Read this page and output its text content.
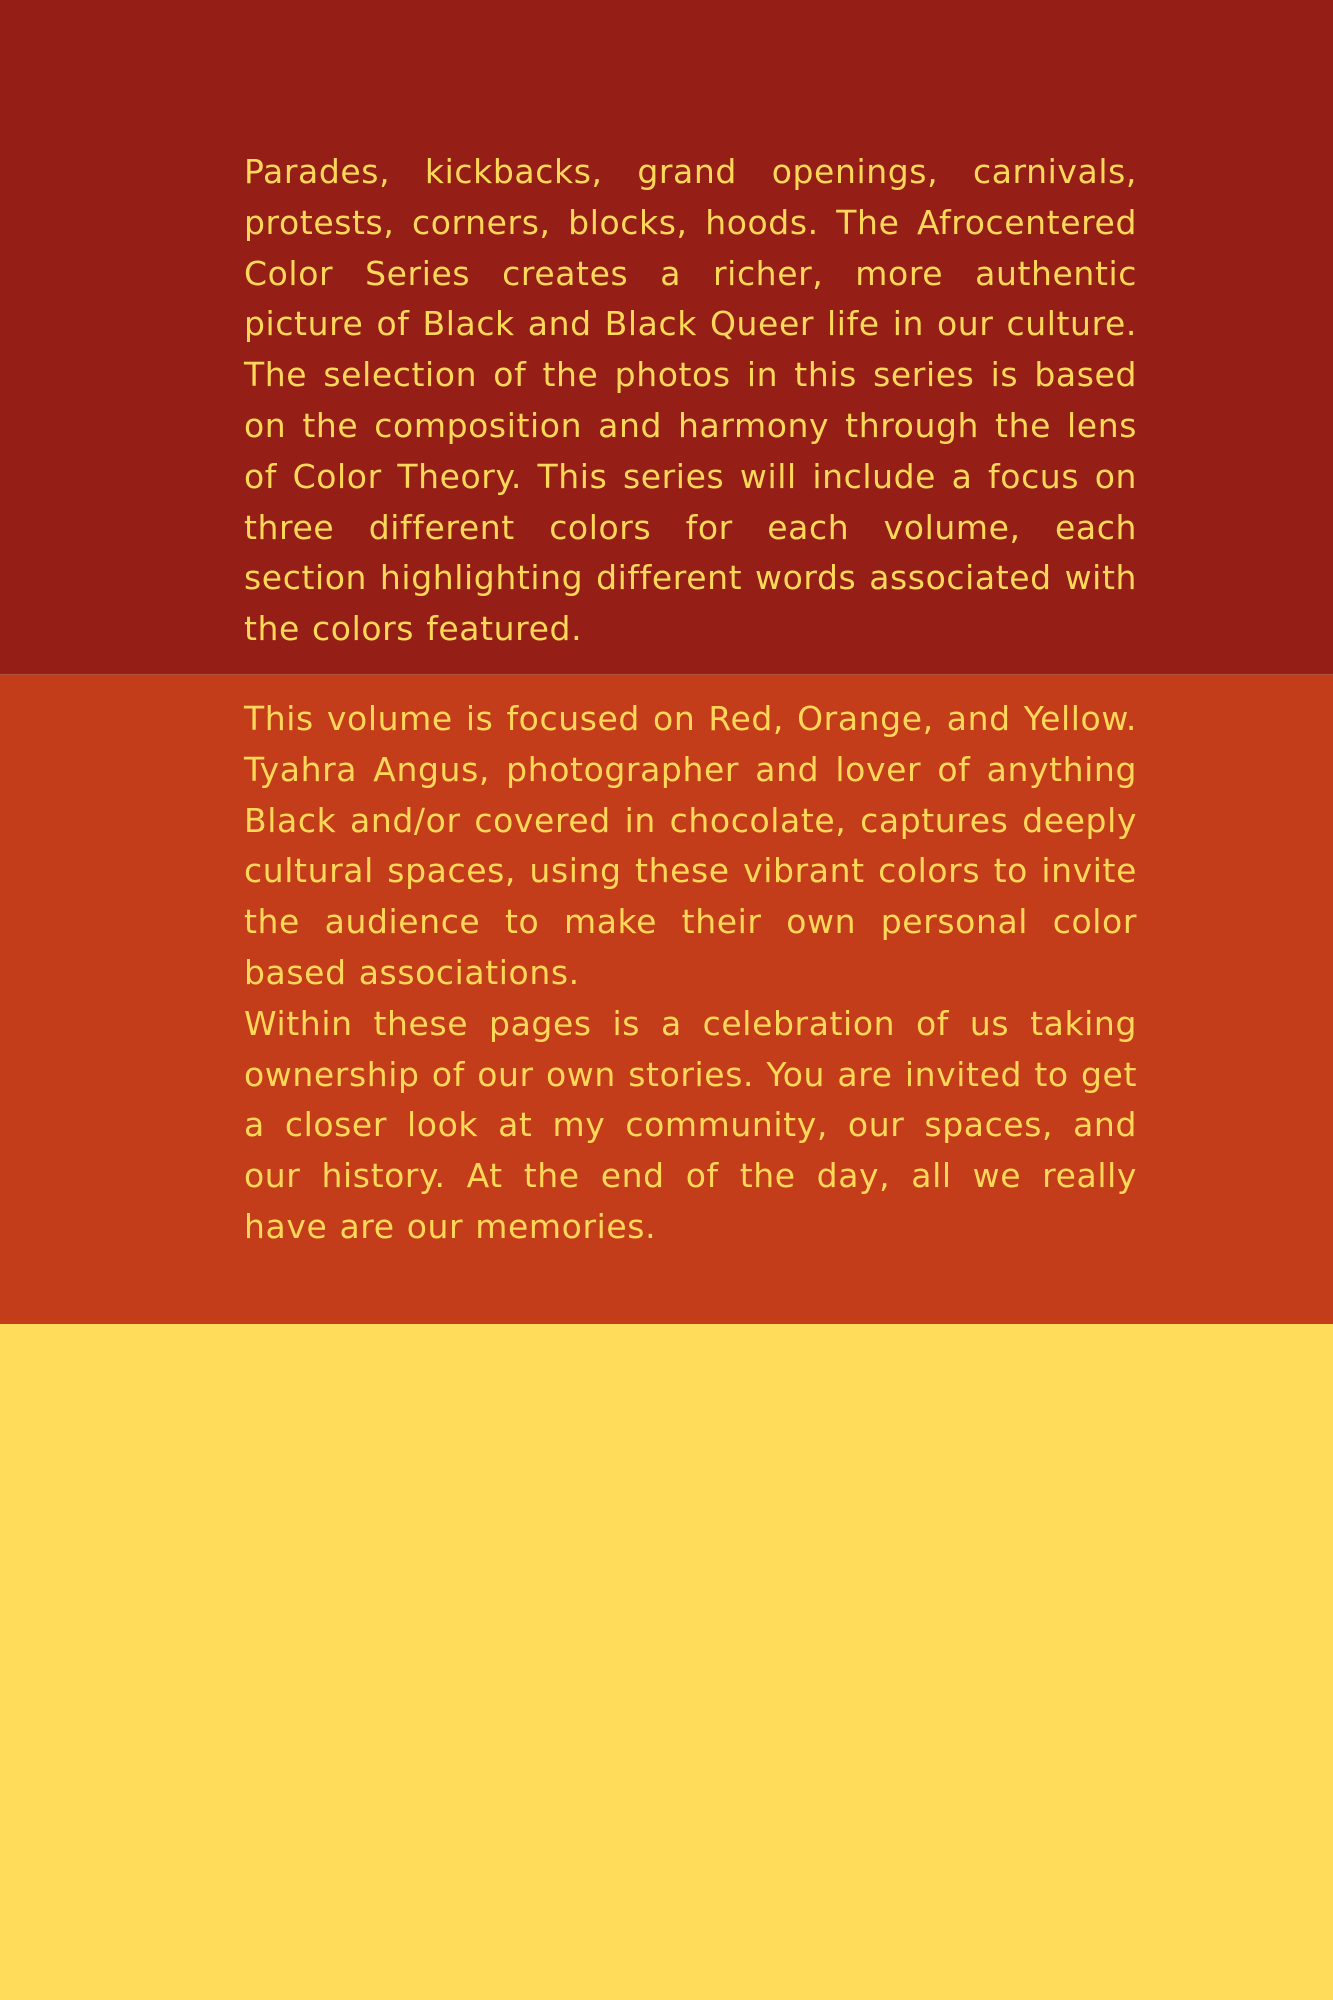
Parades, kickbacks, grand openings, carnivals, protests, corners, blocks, hoods. The Afrocentered Color Series creates a richer, more authentic picture of Black and Black Queer life in our culture. The selection of the photos in this series is based on the composition and harmony through the lens of Color Theory. This series will include a focus on three different colors for each volume, each section highlighting different words associated with the colors featured.

This volume is focused on Red, Orange, and Yellow. Tyahra Angus, photographer and lover of anything Black and/or covered in chocolate, captures deeply cultural spaces, using these vibrant colors to invite the audience to make their own personal color based associations.

Within these pages is a celebration of us taking ownership of our own stories. You are invited to get a closer look at my community, our spaces, and our history. At the end of the day, all we really have are our memories.
